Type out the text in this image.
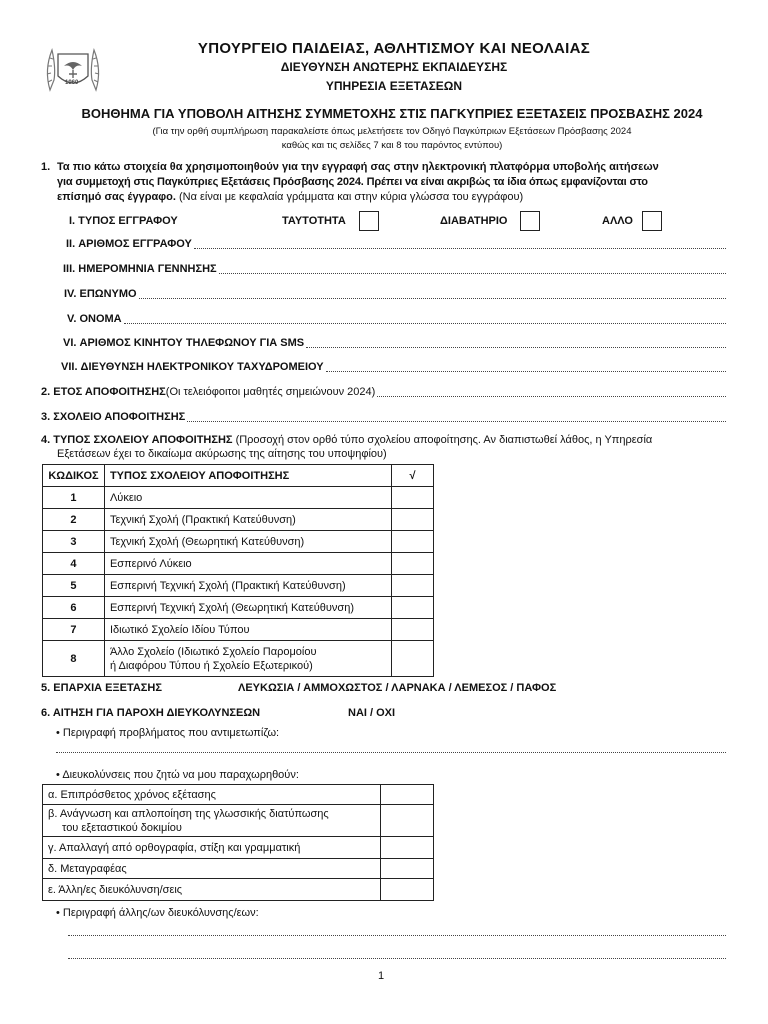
1960
ΥΠΟΥΡΓΕΙΟ ΠΑΙΔΕΙΑΣ, ΑΘΛΗΤΙΣΜΟΥ ΚΑΙ ΝΕΟΛΑΙΑΣ
ΔΙΕΥΘΥΝΣΗ ΑΝΩΤΕΡΗΣ ΕΚΠΑΙΔΕΥΣΗΣ
ΥΠΗΡΕΣΙΑ ΕΞΕΤΑΣΕΩΝ
ΒΟΗΘΗΜΑ ΓΙΑ ΥΠΟΒΟΛΗ ΑΙΤΗΣΗΣ ΣΥΜΜΕΤΟΧΗΣ ΣΤΙΣ ΠΑΓΚΥΠΡΙΕΣ ΕΞΕΤΑΣΕΙΣ ΠΡΟΣΒΑΣΗΣ 2024
(Για την ορθή συμπλήρωση παρακαλείστε όπως μελετήσετε τον Οδηγό Παγκύπριων Εξετάσεων Πρόσβασης 2024
καθώς και τις σελίδες 7 και 8 του παρόντος εντύπου)
1. Τα πιο κάτω στοιχεία θα χρησιμοποιηθούν για την εγγραφή σας στην ηλεκτρονική πλατφόρμα υποβολής αιτήσεων
για συμμετοχή στις Παγκύπριες Εξετάσεις Πρόσβασης 2024. Πρέπει να είναι ακριβώς τα ίδια όπως εμφανίζονται στο
επίσημό σας έγγραφο. (Να είναι με κεφαλαία γράμματα και στην κύρια γλώσσα του εγγράφου)
I. ΤΥΠΟΣ ΕΓΓΡΑΦΟΥ	ΤΑΥΤΟΤΗΤΑ	ΔΙΑΒΑΤΗΡΙΟ	ΑΛΛΟ
II. ΑΡΙΘΜΟΣ ΕΓΓΡΑΦΟΥ
III. ΗΜΕΡΟΜΗΝΙΑ ΓΕΝΝΗΣΗΣ
IV. ΕΠΩΝΥΜΟ
V. ΟΝΟΜΑ
VI. ΑΡΙΘΜΟΣ ΚΙΝΗΤΟΥ ΤΗΛΕΦΩΝΟΥ ΓΙΑ SMS
VII. ΔΙΕΥΘΥΝΣΗ ΗΛΕΚΤΡΟΝΙΚΟΥ ΤΑΧΥΔΡΟΜΕΙΟΥ
2. ΕΤΟΣ ΑΠΟΦΟΙΤΗΣΗΣ (Οι τελειόφοιτοι μαθητές σημειώνουν 2024)
3. ΣΧΟΛΕΙΟ ΑΠΟΦΟΙΤΗΣΗΣ
4. ΤΥΠΟΣ ΣΧΟΛΕΙΟΥ ΑΠΟΦΟΙΤΗΣΗΣ (Προσοχή στον ορθό τύπο σχολείου αποφοίτησης. Αν διαπιστωθεί λάθος, η Υπηρεσία
Εξετάσεων έχει το δικαίωμα ακύρωσης της αίτησης του υποψηφίου)
ΚΩΔΙΚΟΣ	ΤΥΠΟΣ ΣΧΟΛΕΙΟΥ ΑΠΟΦΟΙΤΗΣΗΣ	√
1	Λύκειο	
2	Τεχνική Σχολή (Πρακτική Κατεύθυνση)	
3	Τεχνική Σχολή (Θεωρητική Κατεύθυνση)	
4	Εσπερινό Λύκειο	
5	Εσπερινή Τεχνική Σχολή (Πρακτική Κατεύθυνση)	
6	Εσπερινή Τεχνική Σχολή (Θεωρητική Κατεύθυνση)	
7	Ιδιωτικό Σχολείο Ιδίου Τύπου	
8	Άλλο Σχολείο (Ιδιωτικό Σχολείο Παρομοίου
ή Διαφόρου Τύπου ή Σχολείο Εξωτερικού)	

5. ΕΠΑΡΧΙΑ ΕΞΕΤΑΣΗΣ	ΛΕΥΚΩΣΙΑ / ΑΜΜΟΧΩΣΤΟΣ / ΛΑΡΝΑΚΑ / ΛΕΜΕΣΟΣ / ΠΑΦΟΣ
6. ΑΙΤΗΣΗ ΓΙΑ ΠΑΡΟΧΗ ΔΙΕΥΚΟΛΥΝΣΕΩΝ	ΝΑΙ / ΟΧΙ
• Περιγραφή προβλήματος που αντιμετωπίζω:
• Διευκολύνσεις που ζητώ να μου παραχωρηθούν:
α. Επιπρόσθετος χρόνος εξέτασης	

β. Ανάγνωση και απλοποίηση της γλωσσικής διατύπωσης
του εξεταστικού δοκιμίου	

γ. Απαλλαγή από ορθογραφία, στίξη και γραμματική	
δ. Μεταγραφέας	
ε. Άλλη/ες διευκόλυνση/σεις	
• Περιγραφή άλλης/ων διευκόλυνσης/εων:
1
